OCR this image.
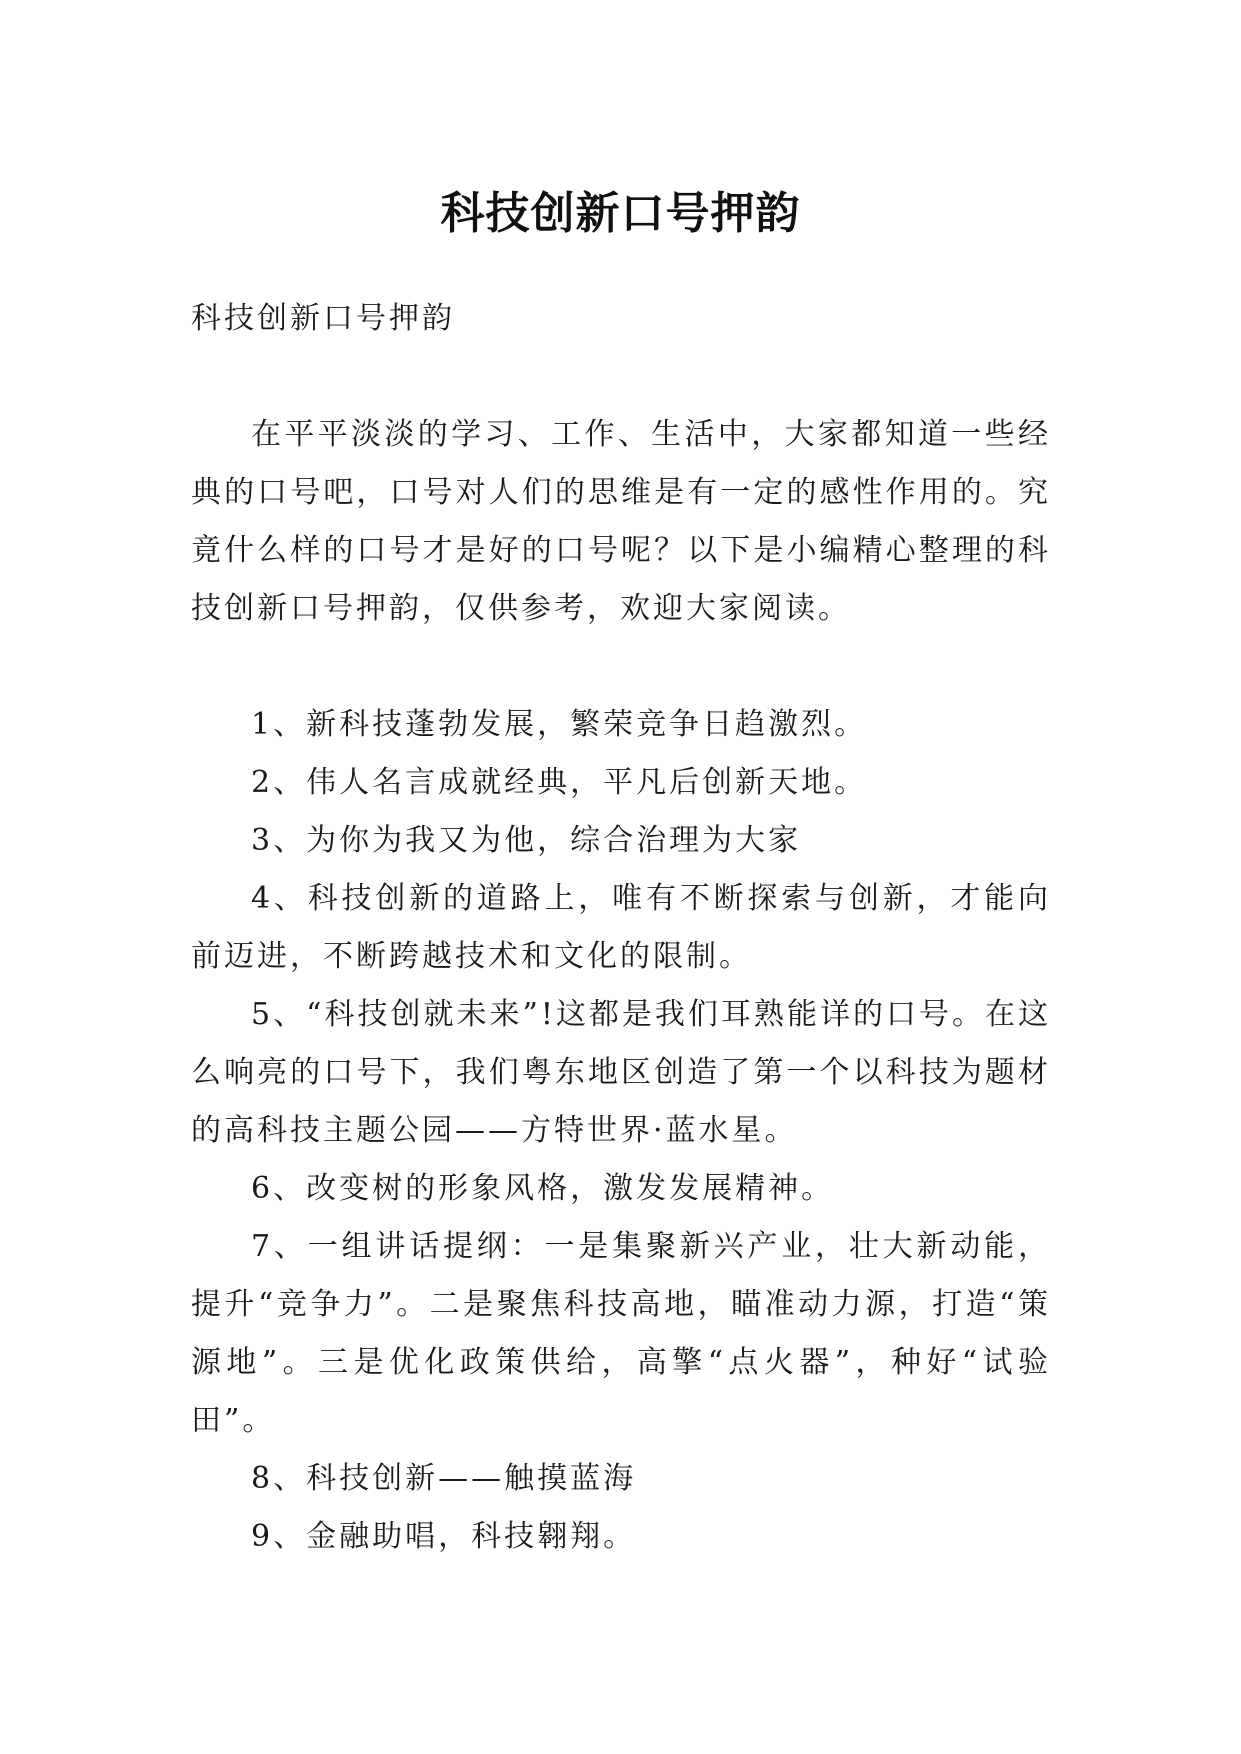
科技创新口号押韵

科技创新口号押韵

在平平淡淡的学习、工作、生活中，大家都知道一些经典的口号吧，口号对人们的思维是有一定的感性作用的。究竟什么样的口号才是好的口号呢？以下是小编精心整理的科技创新口号押韵，仅供参考，欢迎大家阅读。

1、新科技蓬勃发展，繁荣竞争日趋激烈。

2、伟人名言成就经典，平凡后创新天地。

3、为你为我又为他，综合治理为大家

4、科技创新的道路上，唯有不断探索与创新，才能向前迈进，不断跨越技术和文化的限制。

5、“科技创就未来”!这都是我们耳熟能详的口号。在这么响亮的口号下，我们粤东地区创造了第一个以科技为题材的高科技主题公园——方特世界·蓝水星。

6、改变树的形象风格，激发发展精神。

7、一组讲话提纲：一是集聚新兴产业，壮大新动能，提升“竞争力”。二是聚焦科技高地，瞄准动力源，打造“策源地”。三是优化政策供给，高擎“点火器”，种好“试验田”。

8、科技创新——触摸蓝海

9、金融助唱，科技翱翔。
